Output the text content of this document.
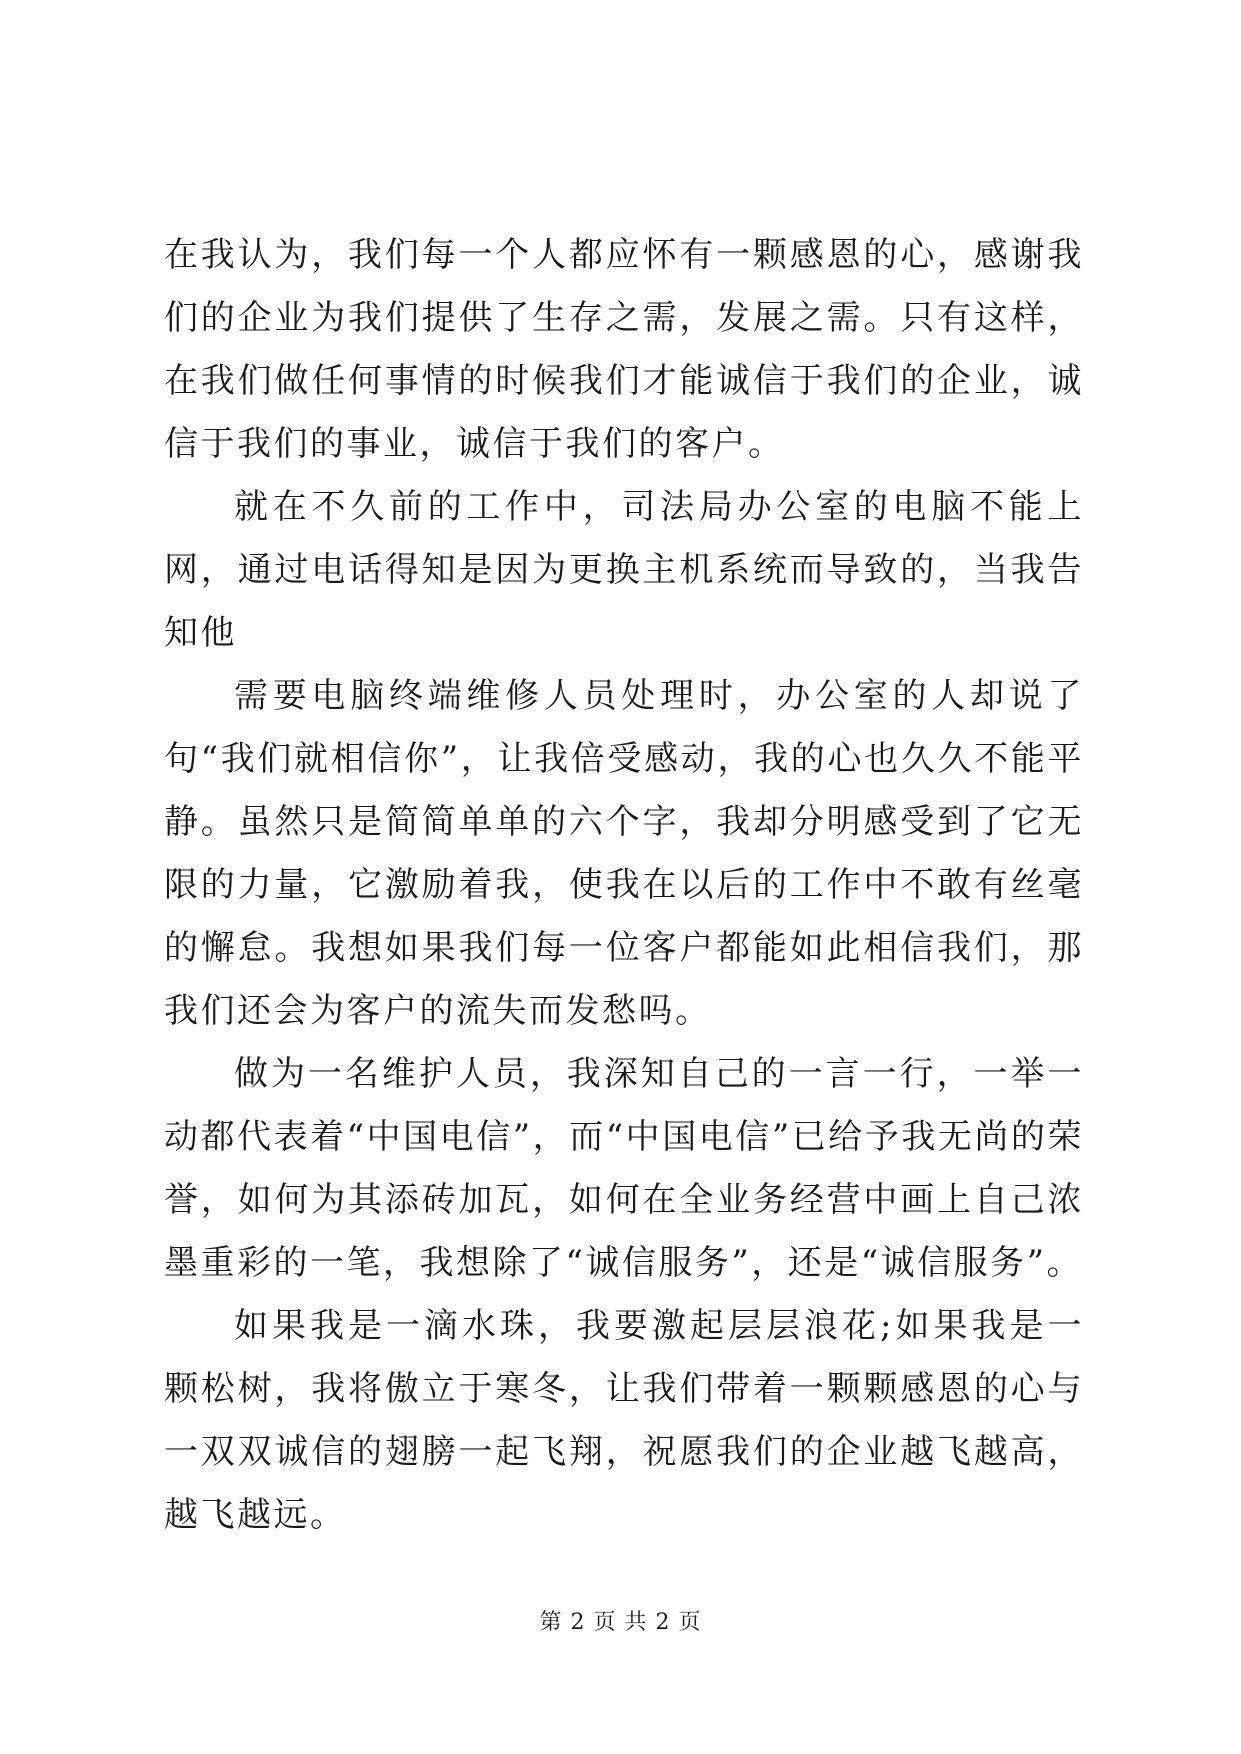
在我认为，我们每一个人都应怀有一颗感恩的心，感谢我们的企业为我们提供了生存之需，发展之需。只有这样，在我们做任何事情的时候我们才能诚信于我们的企业，诚信于我们的事业，诚信于我们的客户。

就在不久前的工作中，司法局办公室的电脑不能上网，通过电话得知是因为更换主机系统而导致的，当我告知他

需要电脑终端维修人员处理时，办公室的人却说了句“我们就相信你”，让我倍受感动，我的心也久久不能平静。虽然只是简简单单的六个字，我却分明感受到了它无限的力量，它激励着我，使我在以后的工作中不敢有丝毫的懈怠。我想如果我们每一位客户都能如此相信我们，那我们还会为客户的流失而发愁吗。

做为一名维护人员，我深知自己的一言一行，一举一动都代表着“中国电信”，而“中国电信”已给予我无尚的荣誉，如何为其添砖加瓦，如何在全业务经营中画上自己浓墨重彩的一笔，我想除了“诚信服务”，还是“诚信服务”。

如果我是一滴水珠，我要激起层层浪花;如果我是一颗松树，我将傲立于寒冬，让我们带着一颗颗感恩的心与一双双诚信的翅膀一起飞翔，祝愿我们的企业越飞越高，越飞越远。

第 2 页 共 2 页
